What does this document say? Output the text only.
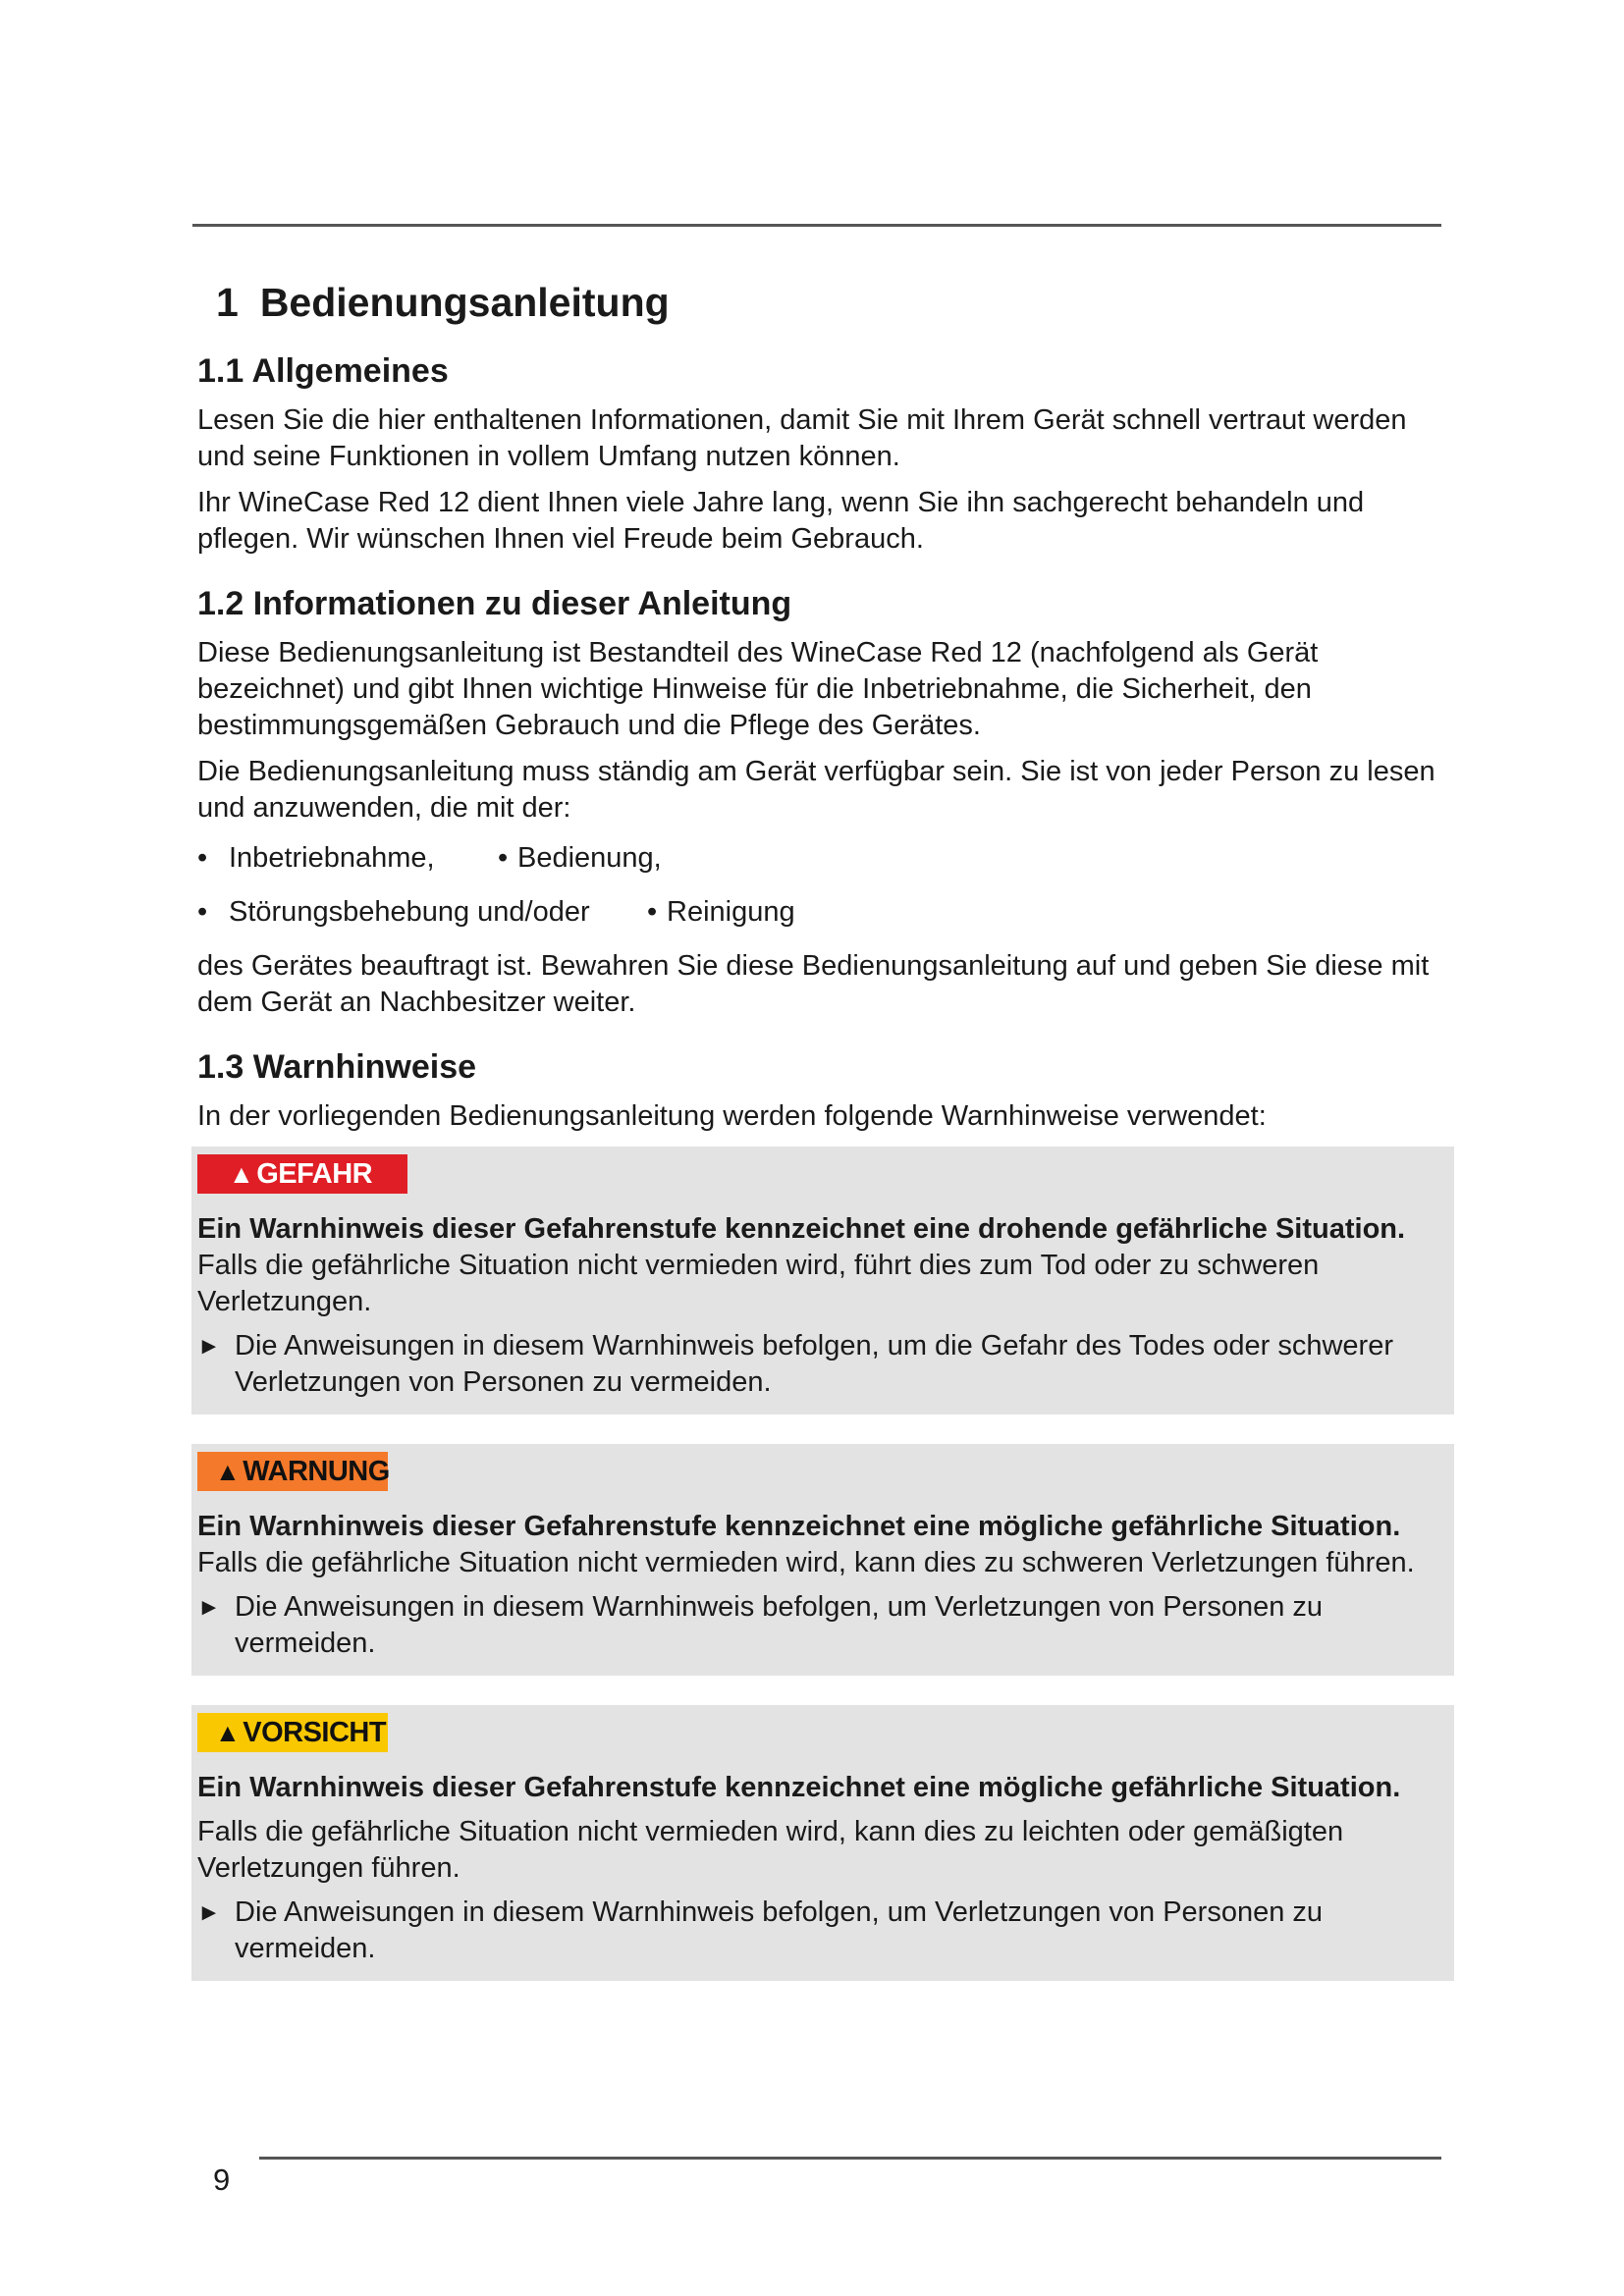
1 Bedienungsanleitung
1.1 Allgemeines

Lesen Sie die hier enthaltenen Informationen, damit Sie mit Ihrem Gerät schnell vertraut werden und seine Funktionen in vollem Umfang nutzen können.

Ihr WineCase Red 12 dient Ihnen viele Jahre lang, wenn Sie ihn sachgerecht behandeln und pflegen. Wir wünschen Ihnen viel Freude beim Gebrauch.

1.2 Informationen zu dieser Anleitung

Diese Bedienungsanleitung ist Bestandteil des WineCase Red 12 (nachfolgend als Gerät bezeichnet) und gibt Ihnen wichtige Hinweise für die Inbetriebnahme, die Sicherheit, den bestimmungsgemäßen Gebrauch und die Pflege des Gerätes.

Die Bedienungsanleitung muss ständig am Gerät verfügbar sein. Sie ist von jeder Person zu lesen und anzuwenden, die mit der:

• Inbetriebnahme,	• Bedienung,
• Störungsbehebung und/oder	• Reinigung

des Gerätes beauftragt ist. Bewahren Sie diese Bedienungsanleitung auf und geben Sie diese mit dem Gerät an Nachbesitzer weiter.

1.3 Warnhinweise

In der vorliegenden Bedienungsanleitung werden folgende Warnhinweise verwendet:

▲ GEFAHR

Ein Warnhinweis dieser Gefahrenstufe kennzeichnet eine drohende gefährliche Situation. Falls die gefährliche Situation nicht vermieden wird, führt dies zum Tod oder zu schweren Verletzungen.

► Die Anweisungen in diesem Warnhinweis befolgen, um die Gefahr des Todes oder schwerer Verletzungen von Personen zu vermeiden.
▲ WARNUNG

Ein Warnhinweis dieser Gefahrenstufe kennzeichnet eine mögliche gefährliche Situation. Falls die gefährliche Situation nicht vermieden wird, kann dies zu schweren Verletzungen führen.

► Die Anweisungen in diesem Warnhinweis befolgen, um Verletzungen von Personen zu vermeiden.
▲ VORSICHT

Ein Warnhinweis dieser Gefahrenstufe kennzeichnet eine mögliche gefährliche Situation.

Falls die gefährliche Situation nicht vermieden wird, kann dies zu leichten oder gemäßigten Verletzungen führen.

► Die Anweisungen in diesem Warnhinweis befolgen, um Verletzungen von Personen zu vermeiden.
9
